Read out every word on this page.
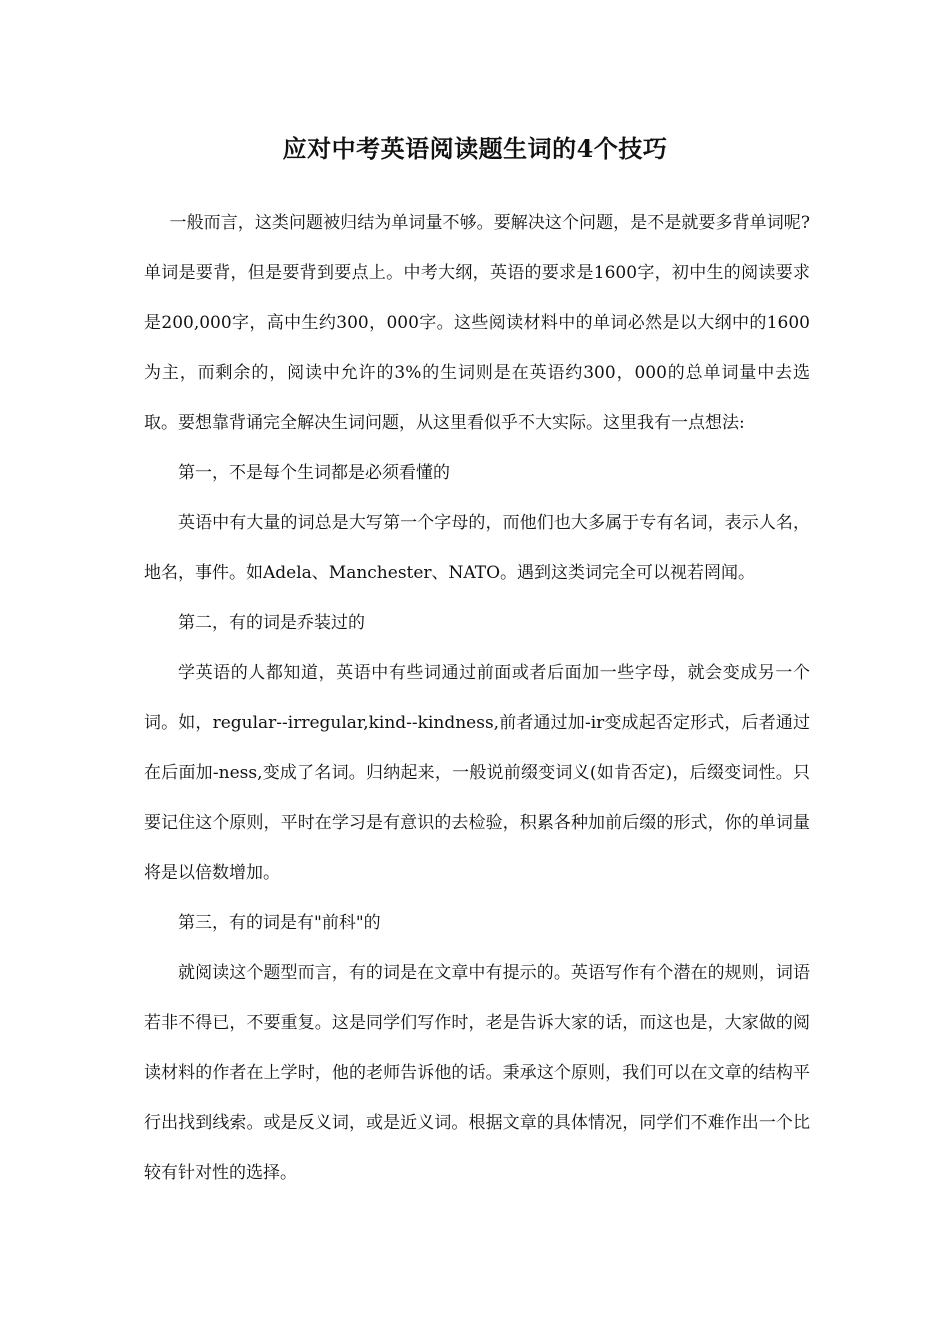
应对中考英语阅读题生词的4个技巧

一般而言，这类问题被归结为单词量不够。要解决这个问题，是不是就要多背单词呢?单词是要背，但是要背到要点上。中考大纲，英语的要求是1600字，初中生的阅读要求是200,000字，高中生约300，000字。这些阅读材料中的单词必然是以大纲中的1600为主，而剩余的，阅读中允许的3%的生词则是在英语约300，000的总单词量中去选取。要想靠背诵完全解决生词问题，从这里看似乎不大实际。这里我有一点想法:

第一，不是每个生词都是必须看懂的

英语中有大量的词总是大写第一个字母的，而他们也大多属于专有名词，表示人名，地名，事件。如Adela、Manchester、NATO。遇到这类词完全可以视若罔闻。

第二，有的词是乔装过的

学英语的人都知道，英语中有些词通过前面或者后面加一些字母，就会变成另一个词。如，regular--irregular,kind--kindness,前者通过加-ir变成起否定形式，后者通过在后面加-ness,变成了名词。归纳起来，一般说前缀变词义(如肯否定)，后缀变词性。只要记住这个原则，平时在学习是有意识的去检验，积累各种加前后缀的形式，你的单词量将是以倍数增加。

第三，有的词是有"前科"的

就阅读这个题型而言，有的词是在文章中有提示的。英语写作有个潜在的规则，词语若非不得已，不要重复。这是同学们写作时，老是告诉大家的话，而这也是，大家做的阅读材料的作者在上学时，他的老师告诉他的话。秉承这个原则，我们可以在文章的结构平行出找到线索。或是反义词，或是近义词。根据文章的具体情况，同学们不难作出一个比较有针对性的选择。
